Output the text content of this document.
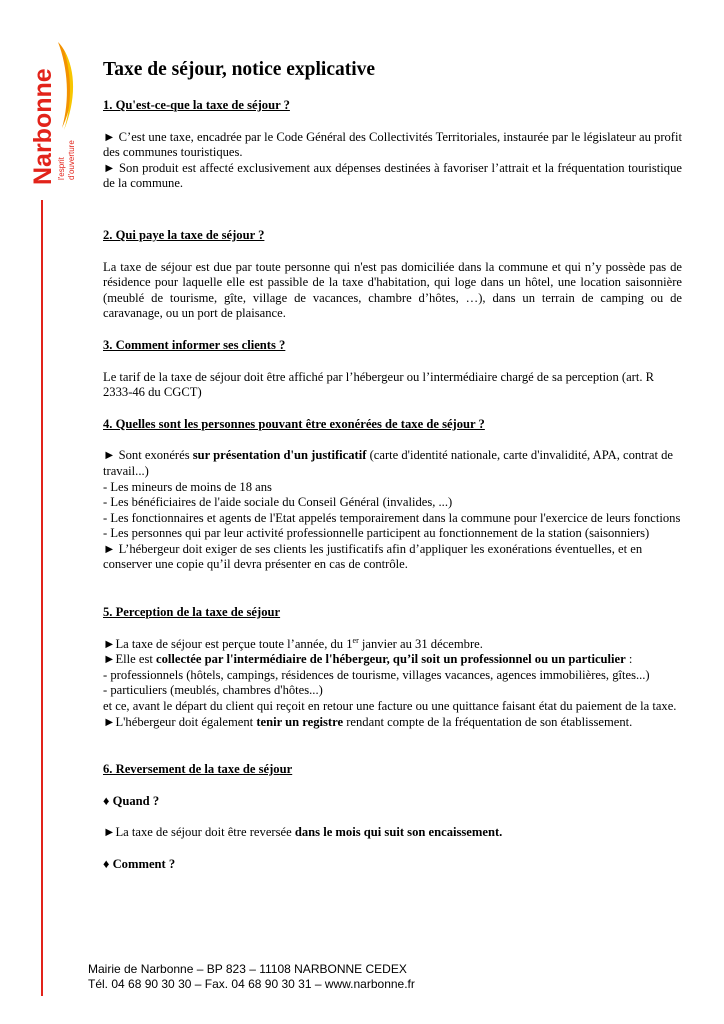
Narbonne l'esprit d'ouverture
Taxe de séjour, notice explicative

1. Qu'est-ce-que la taxe de séjour ?

► C’est une taxe, encadrée par le Code Général des Collectivités Territoriales, instaurée par le législateur au profit des communes touristiques.

► Son produit est affecté exclusivement aux dépenses destinées à favoriser l’attrait et la fréquentation touristique de la commune.

2. Qui paye la taxe de séjour ?

La taxe de séjour est due par toute personne qui n'est pas domiciliée dans la commune et qui n’y possède pas de résidence pour laquelle elle est passible de la taxe d'habitation, qui loge dans un hôtel, une location saisonnière (meublé de tourisme, gîte, village de vacances, chambre d’hôtes, …), dans un terrain de camping ou de caravanage, ou un port de plaisance.

3. Comment informer ses clients ?

Le tarif de la taxe de séjour doit être affiché par l’hébergeur ou l’intermédiaire chargé de sa perception (art. R 2333-46 du CGCT)

4. Quelles sont les personnes pouvant être exonérées de taxe de séjour ?

► Sont exonérés sur présentation d'un justificatif (carte d'identité nationale, carte d'invalidité, APA, contrat de travail...)

- Les mineurs de moins de 18 ans

- Les bénéficiaires de l'aide sociale du Conseil Général (invalides, ...)

- Les fonctionnaires et agents de l'Etat appelés temporairement dans la commune pour l'exercice de leurs fonctions

- Les personnes qui par leur activité professionnelle participent au fonctionnement de la station (saisonniers)

► L’hébergeur doit exiger de ses clients les justificatifs afin d’appliquer les exonérations éventuelles, et en conserver une copie qu’il devra présenter en cas de contrôle.

5. Perception de la taxe de séjour

►La taxe de séjour est perçue toute l’année, du 1er janvier au 31 décembre.

►Elle est collectée par l'intermédiaire de l'hébergeur, qu’il soit un professionnel ou un particulier :

- professionnels (hôtels, campings, résidences de tourisme, villages vacances, agences immobilières, gîtes...)

- particuliers (meublés, chambres d'hôtes...)

et ce, avant le départ du client qui reçoit en retour une facture ou une quittance faisant état du paiement de la taxe.

►L'hébergeur doit également tenir un registre rendant compte de la fréquentation de son établissement.

6. Reversement de la taxe de séjour

♦ Quand ?

►La taxe de séjour doit être reversée dans le mois qui suit son encaissement.

♦ Comment ?

Mairie de Narbonne – BP 823 – 11108 NARBONNE CEDEX
Tél. 04 68 90 30 30 – Fax. 04 68 90 30 31 – www.narbonne.fr
